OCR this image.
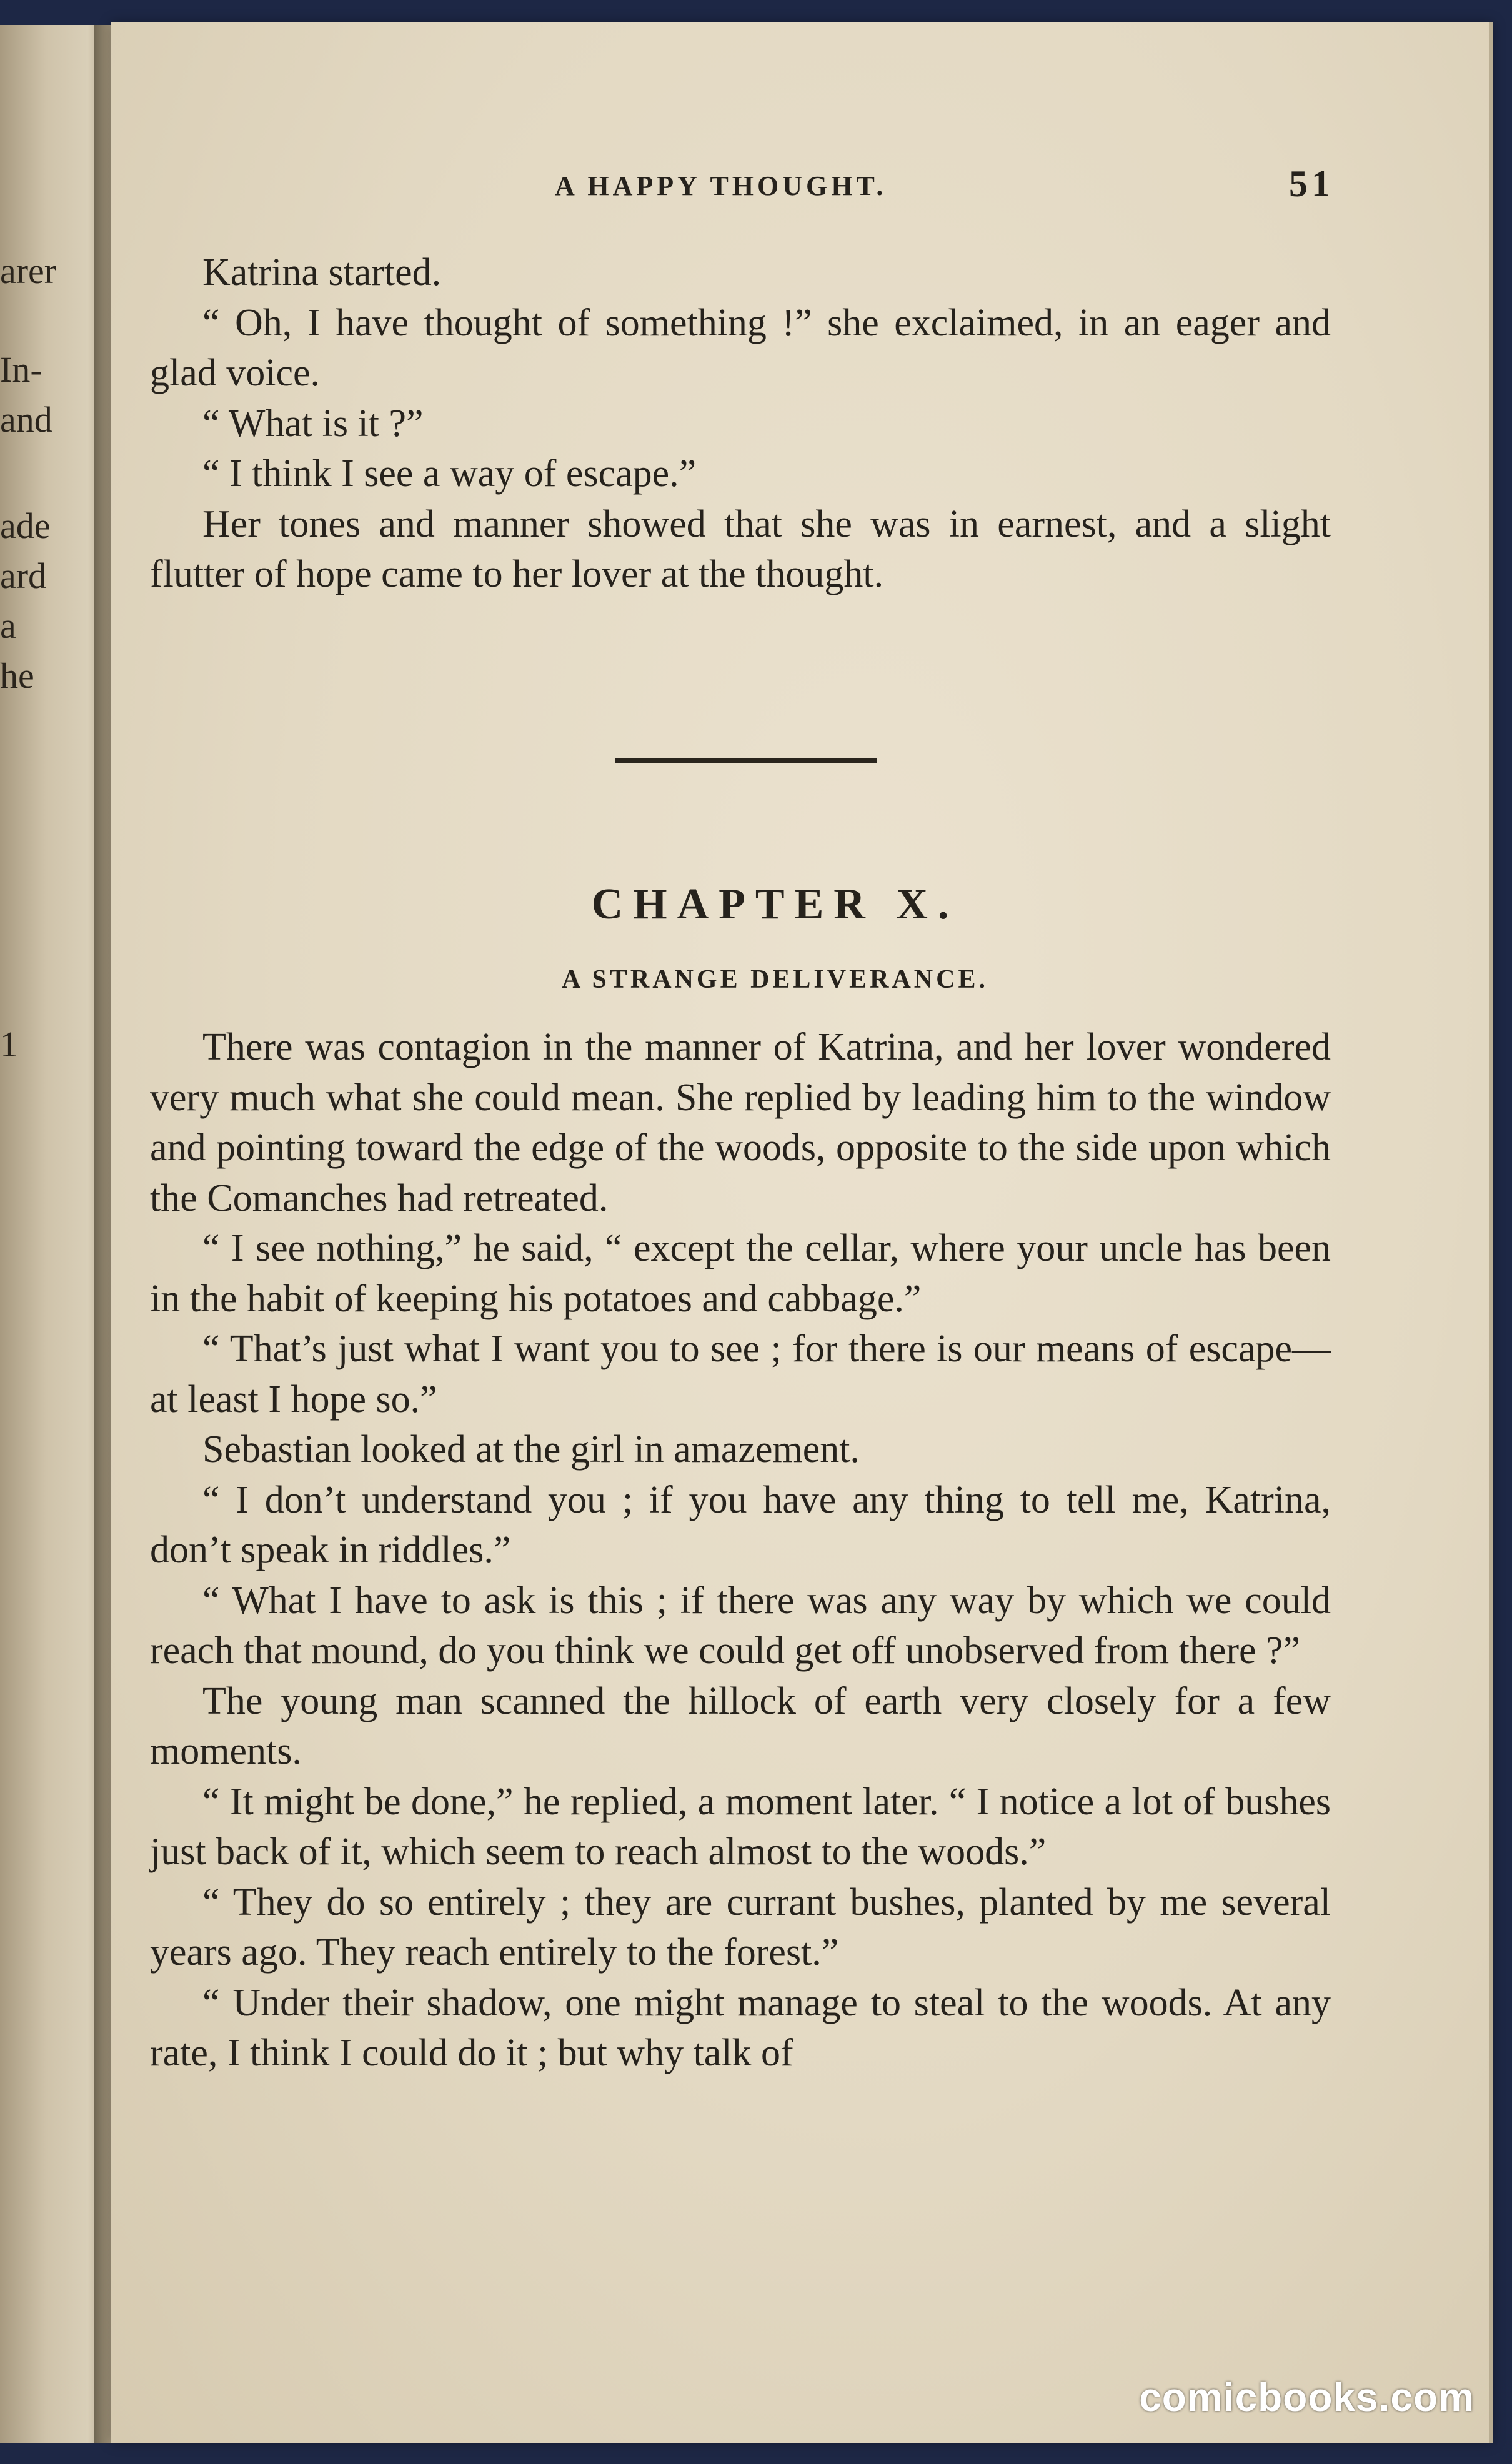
arer
In-
and
ade
ard
a
he
1
A HAPPY THOUGHT.	51

Katrina started.

“ Oh, I have thought of something !” she exclaimed, in an eager and glad voice.

“ What is it ?”

“ I think I see a way of escape.”

Her tones and manner showed that she was in earnest, and a slight flutter of hope came to her lover at the thought.

CHAPTER X.
A STRANGE DELIVERANCE.

There was contagion in the manner of Katrina, and her lover wondered very much what she could mean. She replied by leading him to the window and pointing toward the edge of the woods, opposite to the side upon which the Comanches had retreated.

“ I see nothing,” he said, “ except the cellar, where your uncle has been in the habit of keeping his potatoes and cabbage.”

“ That’s just what I want you to see ; for there is our means of escape—at least I hope so.”

Sebastian looked at the girl in amazement.

“ I don’t understand you ; if you have any thing to tell me, Katrina, don’t speak in riddles.”

“ What I have to ask is this ; if there was any way by which we could reach that mound, do you think we could get off unobserved from there ?”

The young man scanned the hillock of earth very closely for a few moments.

“ It might be done,” he replied, a moment later. “ I notice a lot of bushes just back of it, which seem to reach almost to the woods.”

“ They do so entirely ; they are currant bushes, planted by me several years ago. They reach entirely to the forest.”

“ Under their shadow, one might manage to steal to the woods. At any rate, I think I could do it ; but why talk of

comicbooks.com
